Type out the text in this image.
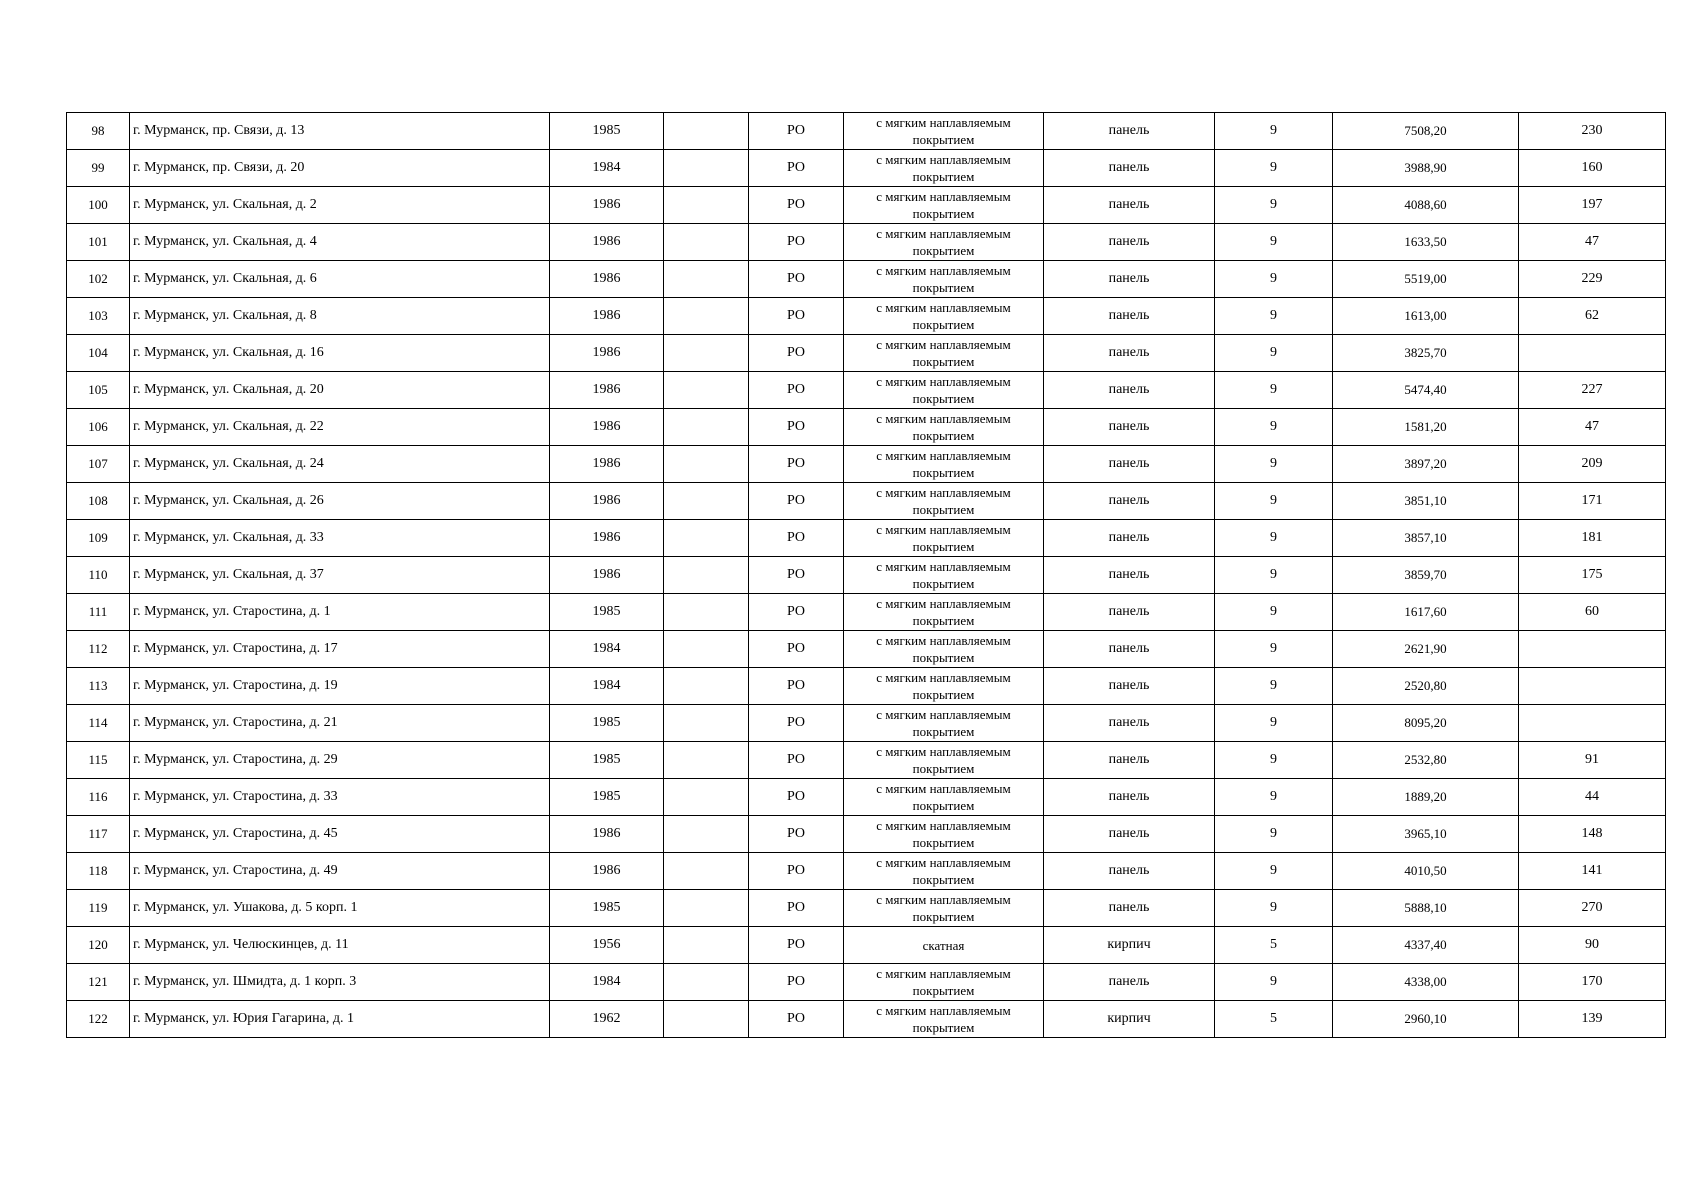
98	г. Мурманск, пр. Связи, д. 13	1985		РО	с мягким наплавляемым покрытием	панель	9	7508,20	230
99	г. Мурманск, пр. Связи, д. 20	1984		РО	с мягким наплавляемым покрытием	панель	9	3988,90	160
100	г. Мурманск, ул. Скальная, д. 2	1986		РО	с мягким наплавляемым покрытием	панель	9	4088,60	197
101	г. Мурманск, ул. Скальная, д. 4	1986		РО	с мягким наплавляемым покрытием	панель	9	1633,50	47
102	г. Мурманск, ул. Скальная, д. 6	1986		РО	с мягким наплавляемым покрытием	панель	9	5519,00	229
103	г. Мурманск, ул. Скальная, д. 8	1986		РО	с мягким наплавляемым покрытием	панель	9	1613,00	62
104	г. Мурманск, ул. Скальная, д. 16	1986		РО	с мягким наплавляемым покрытием	панель	9	3825,70	
105	г. Мурманск, ул. Скальная, д. 20	1986		РО	с мягким наплавляемым покрытием	панель	9	5474,40	227
106	г. Мурманск, ул. Скальная, д. 22	1986		РО	с мягким наплавляемым покрытием	панель	9	1581,20	47
107	г. Мурманск, ул. Скальная, д. 24	1986		РО	с мягким наплавляемым покрытием	панель	9	3897,20	209
108	г. Мурманск, ул. Скальная, д. 26	1986		РО	с мягким наплавляемым покрытием	панель	9	3851,10	171
109	г. Мурманск, ул. Скальная, д. 33	1986		РО	с мягким наплавляемым покрытием	панель	9	3857,10	181
110	г. Мурманск, ул. Скальная, д. 37	1986		РО	с мягким наплавляемым покрытием	панель	9	3859,70	175
111	г. Мурманск, ул. Старостина, д. 1	1985		РО	с мягким наплавляемым покрытием	панель	9	1617,60	60
112	г. Мурманск, ул. Старостина, д. 17	1984		РО	с мягким наплавляемым покрытием	панель	9	2621,90	
113	г. Мурманск, ул. Старостина, д. 19	1984		РО	с мягким наплавляемым покрытием	панель	9	2520,80	
114	г. Мурманск, ул. Старостина, д. 21	1985		РО	с мягким наплавляемым покрытием	панель	9	8095,20	
115	г. Мурманск, ул. Старостина, д. 29	1985		РО	с мягким наплавляемым покрытием	панель	9	2532,80	91
116	г. Мурманск, ул. Старостина, д. 33	1985		РО	с мягким наплавляемым покрытием	панель	9	1889,20	44
117	г. Мурманск, ул. Старостина, д. 45	1986		РО	с мягким наплавляемым покрытием	панель	9	3965,10	148
118	г. Мурманск, ул. Старостина, д. 49	1986		РО	с мягким наплавляемым покрытием	панель	9	4010,50	141
119	г. Мурманск, ул. Ушакова, д. 5 корп. 1	1985		РО	с мягким наплавляемым покрытием	панель	9	5888,10	270
120	г. Мурманск, ул. Челюскинцев, д. 11	1956		РО	скатная	кирпич	5	4337,40	90
121	г. Мурманск, ул. Шмидта, д. 1 корп. 3	1984		РО	с мягким наплавляемым покрытием	панель	9	4338,00	170
122	г. Мурманск, ул. Юрия Гагарина, д. 1	1962		РО	с мягким наплавляемым покрытием	кирпич	5	2960,10	139
